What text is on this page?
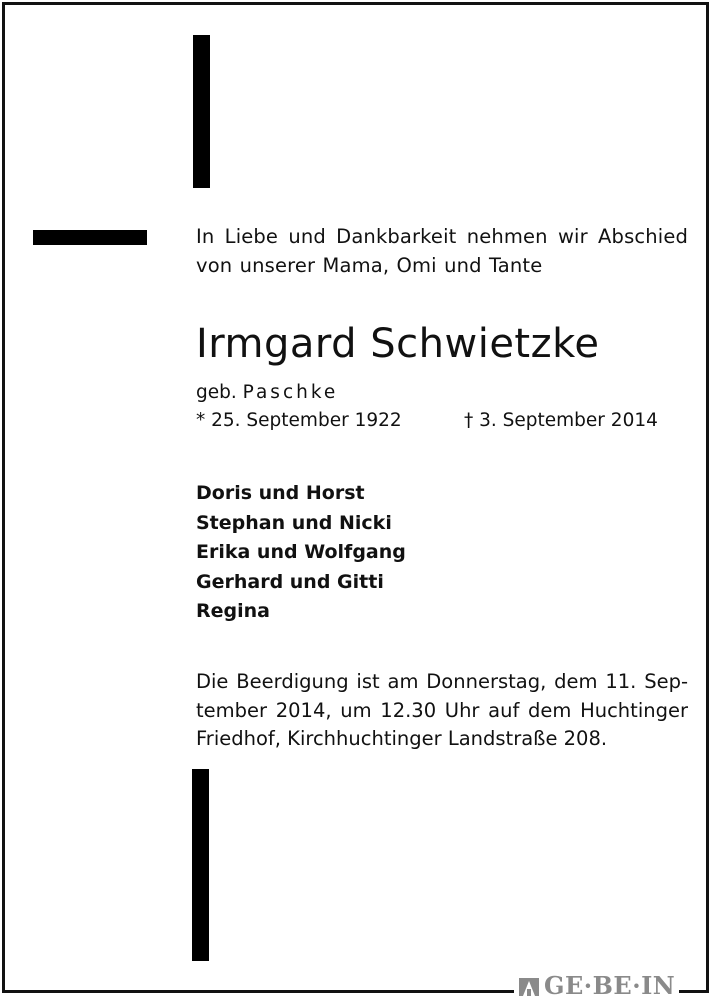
In Liebe und Dankbarkeit nehmen wir Abschied
von unserer Mama, Omi und Tante
Irmgard Schwietzke
geb. Paschke
* 25. September 1922	† 3. September 2014
Doris und Horst
Stephan und Nicki
Erika und Wolfgang
Gerhard und Gitti
Regina
Die Beerdigung ist am Donnerstag, dem 11. Sep-
tember 2014, um 12.30 Uhr auf dem Huchtinger
Friedhof, Kirchhuchtinger Landstraße 208.
GE·BE·IN
